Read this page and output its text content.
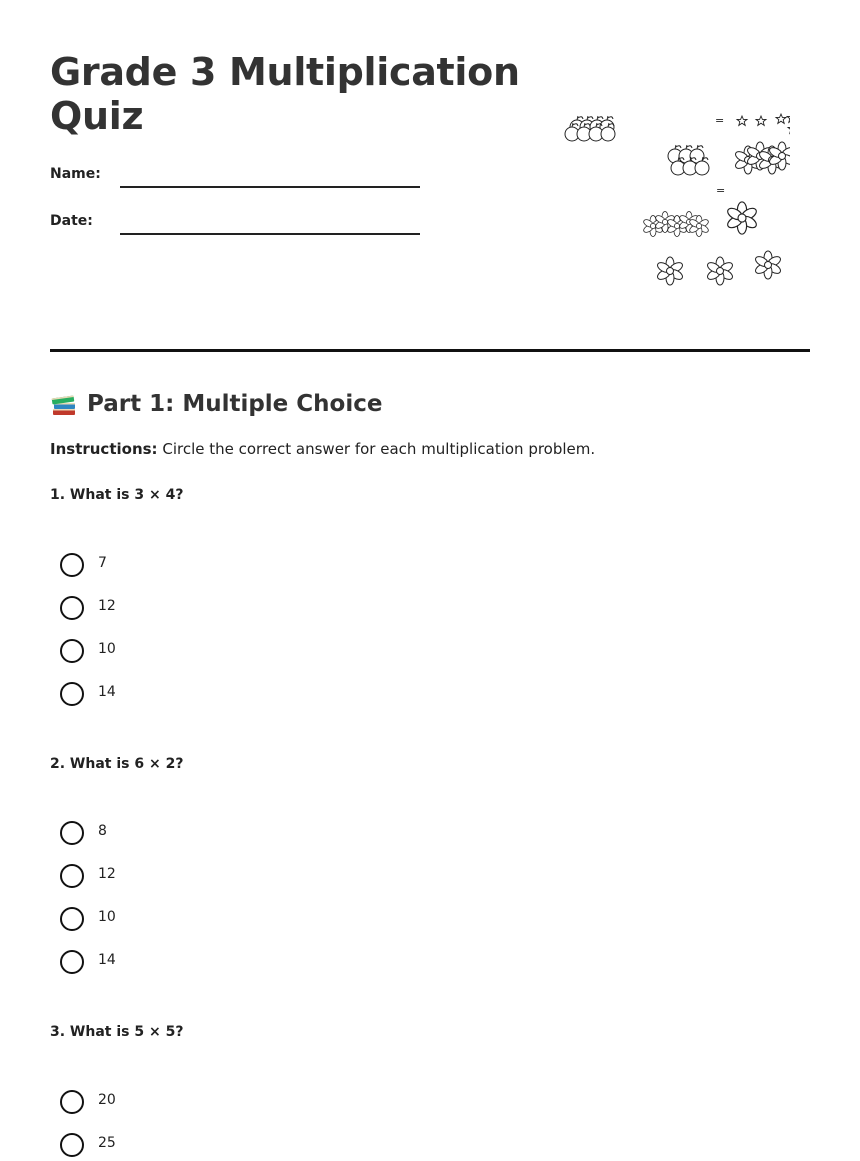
Grade 3 Multiplication Quiz
Name:
Date:
=
=
Part 1: Multiple Choice
Instructions: Circle the correct answer for each multiplication problem.
1. What is 3 × 4?
7
12
10
14
2. What is 6 × 2?
8
12
10
14
3. What is 5 × 5?
20
25
